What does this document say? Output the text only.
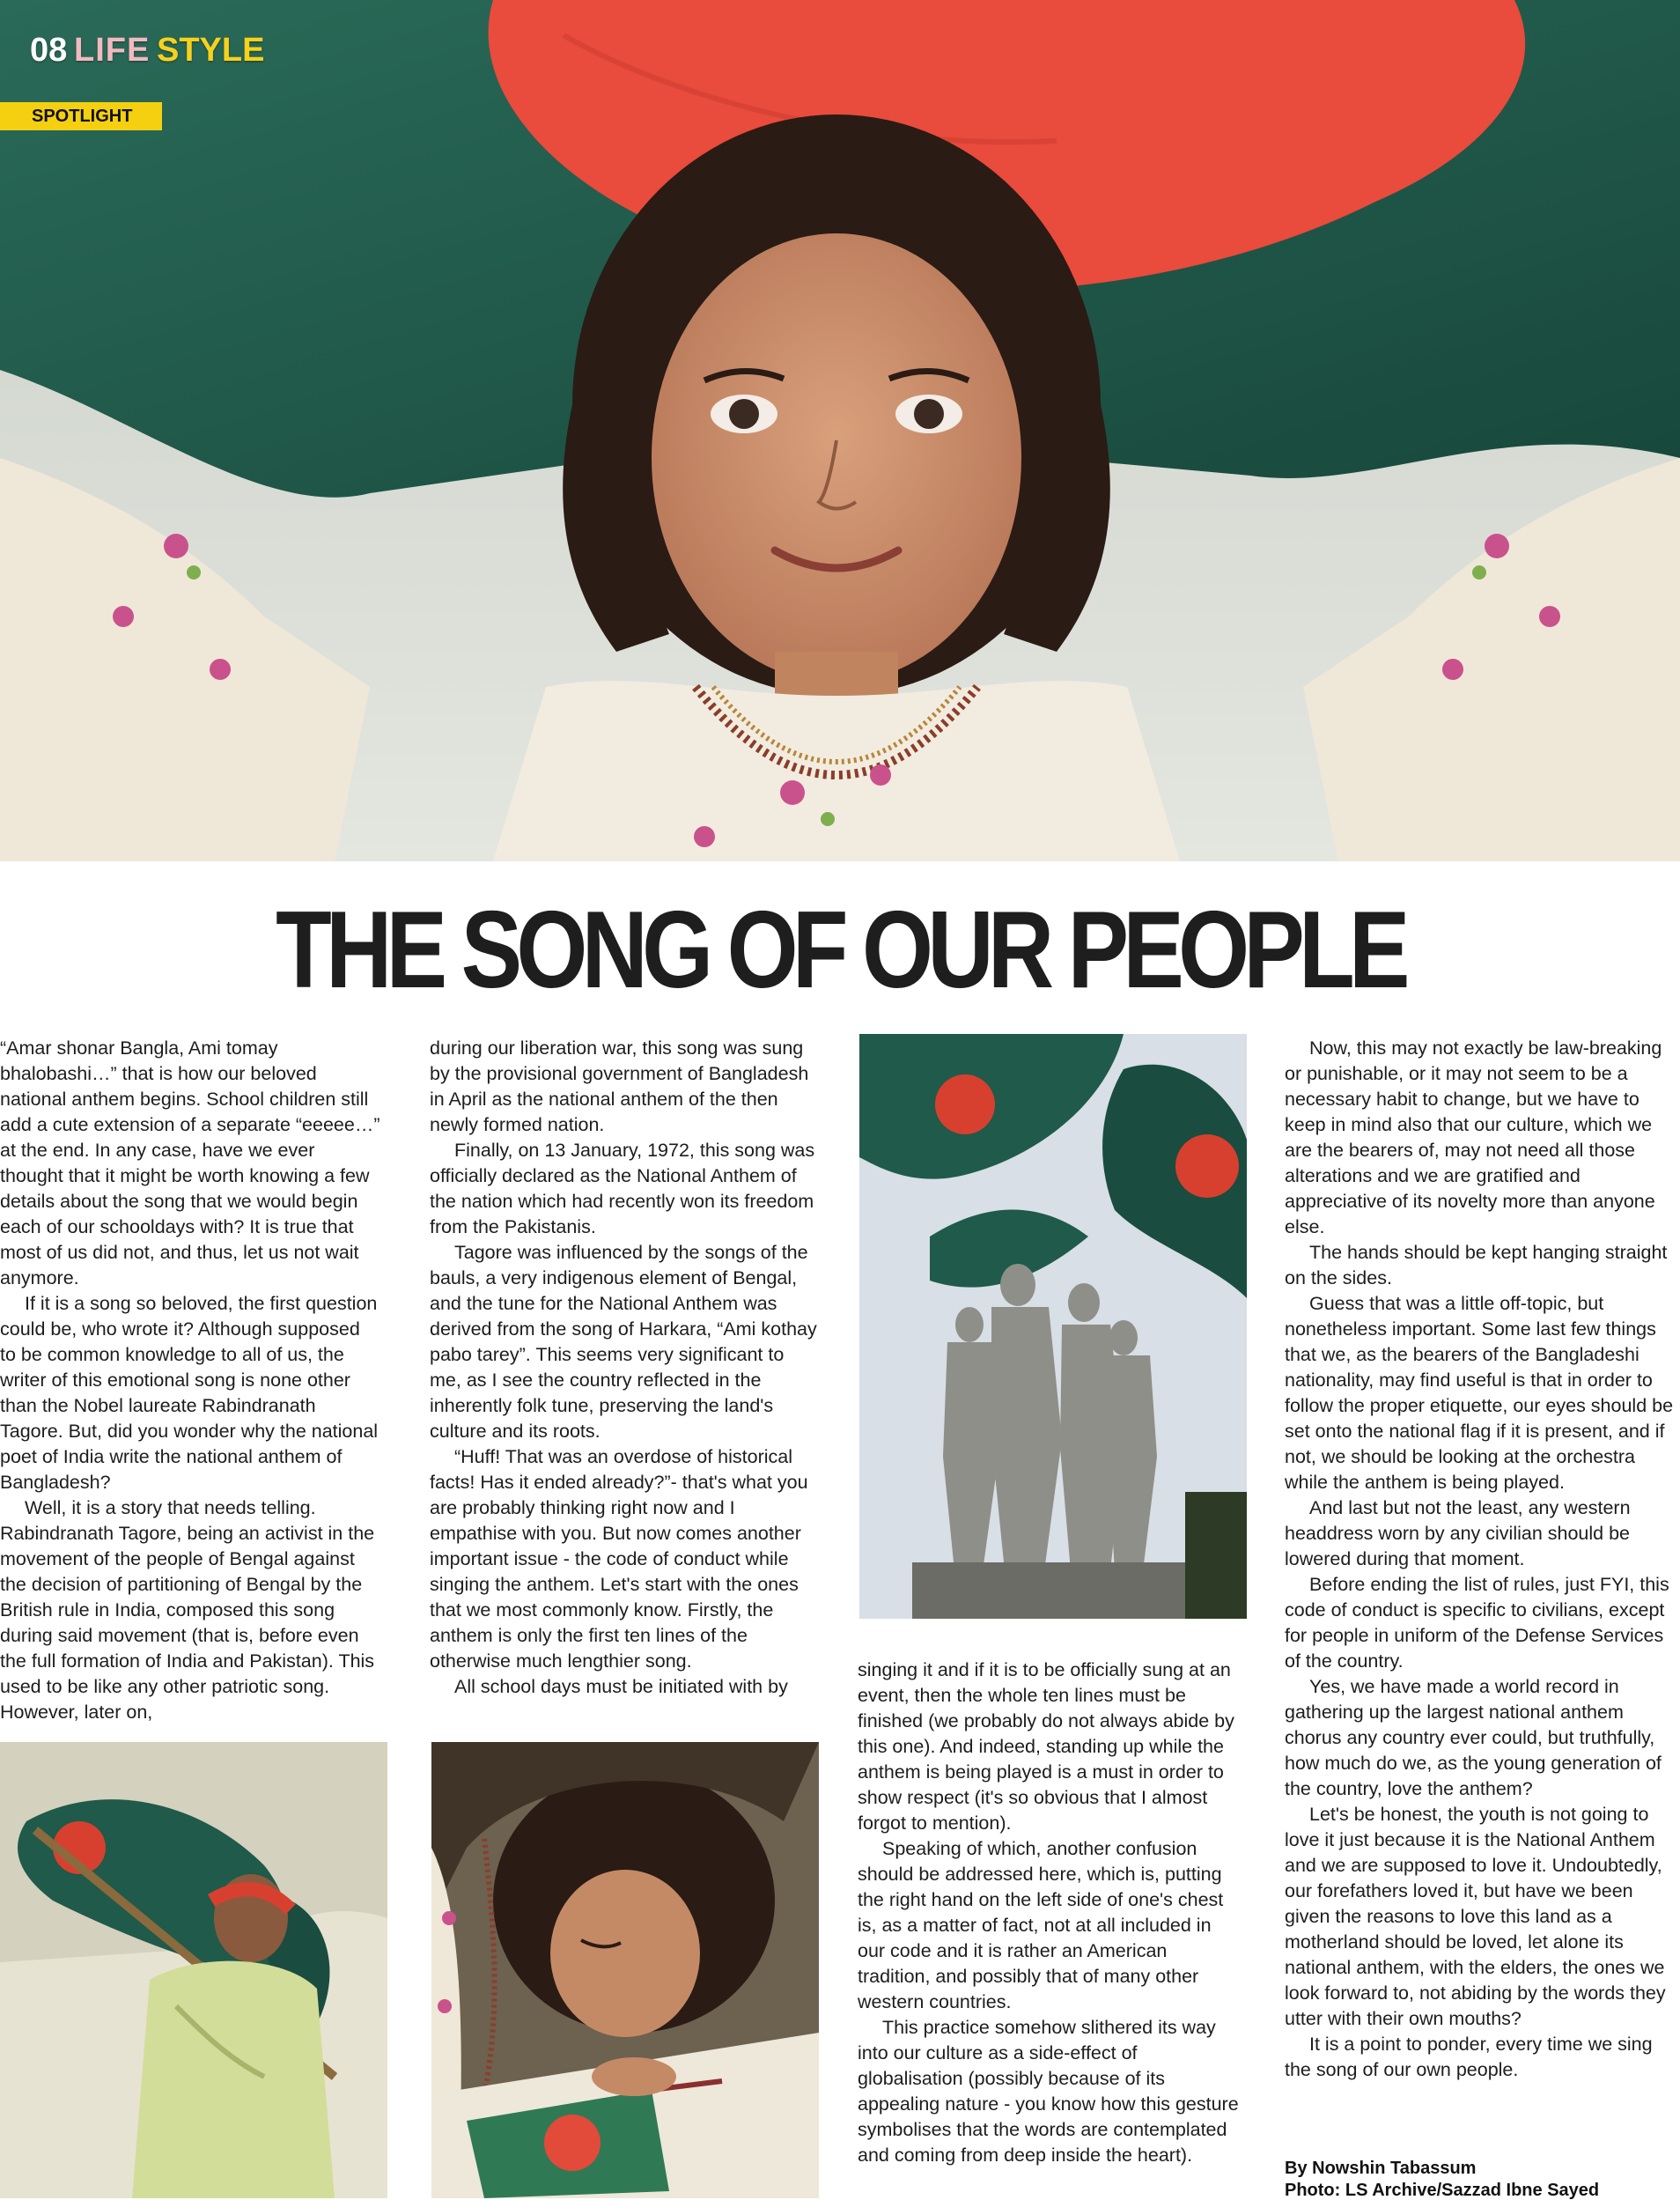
08 LIFE STYLE
SPOTLIGHT
THE SONG OF OUR PEOPLE

“Amar shonar Bangla, Ami tomay bhalobashi…” that is how our beloved national anthem begins. School children still add a cute extension of a separate “eeeee…” at the end. In any case, have we ever thought that it might be worth knowing a few details about the song that we would begin each of our schooldays with? It is true that most of us did not, and thus, let us not wait anymore.

If it is a song so beloved, the first question could be, who wrote it? Although supposed to be common knowledge to all of us, the writer of this emotional song is none other than the Nobel laureate Rabindranath Tagore. But, did you wonder why the national poet of India write the national anthem of Bangladesh?

Well, it is a story that needs telling. Rabindranath Tagore, being an activist in the movement of the people of Bengal against the decision of partitioning of Bengal by the British rule in India, composed this song during said movement (that is, before even the full formation of India and Pakistan). This used to be like any other patriotic song. However, later on,

during our liberation war, this song was sung by the provisional government of Bangladesh in April as the national anthem of the then newly formed nation.

Finally, on 13 January, 1972, this song was officially declared as the National Anthem of the nation which had recently won its freedom from the Pakistanis.

Tagore was influenced by the songs of the bauls, a very indigenous element of Bengal, and the tune for the National Anthem was derived from the song of Harkara, “Ami kothay pabo tarey”. This seems very significant to me, as I see the country reflected in the inherently folk tune, preserving the land's culture and its roots.

“Huff! That was an overdose of historical facts! Has it ended already?”- that's what you are probably thinking right now and I empathise with you. But now comes another important issue - the code of conduct while singing the anthem. Let's start with the ones that we most commonly know. Firstly, the anthem is only the first ten lines of the otherwise much lengthier song.

All school days must be initiated with by

singing it and if it is to be officially sung at an event, then the whole ten lines must be finished (we probably do not always abide by this one). And indeed, standing up while the anthem is being played is a must in order to show respect (it's so obvious that I almost forgot to mention).

Speaking of which, another confusion should be addressed here, which is, putting the right hand on the left side of one's chest is, as a matter of fact, not at all included in our code and it is rather an American tradition, and possibly that of many other western countries.

This practice somehow slithered its way into our culture as a side-effect of globalisation (possibly because of its appealing nature - you know how this gesture symbolises that the words are contemplated and coming from deep inside the heart).

Now, this may not exactly be law-breaking or punishable, or it may not seem to be a necessary habit to change, but we have to keep in mind also that our culture, which we are the bearers of, may not need all those alterations and we are gratified and appreciative of its novelty more than anyone else.

The hands should be kept hanging straight on the sides.

Guess that was a little off-topic, but nonetheless important. Some last few things that we, as the bearers of the Bangladeshi nationality, may find useful is that in order to follow the proper etiquette, our eyes should be set onto the national flag if it is present, and if not, we should be looking at the orchestra while the anthem is being played.

And last but not the least, any western headdress worn by any civilian should be lowered during that moment.

Before ending the list of rules, just FYI, this code of conduct is specific to civilians, except for people in uniform of the Defense Services of the country.

Yes, we have made a world record in gathering up the largest national anthem chorus any country ever could, but truthfully, how much do we, as the young generation of the country, love the anthem?

Let's be honest, the youth is not going to love it just because it is the National Anthem and we are supposed to love it. Undoubtedly, our forefathers loved it, but have we been given the reasons to love this land as a motherland should be loved, let alone its national anthem, with the elders, the ones we look forward to, not abiding by the words they utter with their own mouths?

It is a point to ponder, every time we sing the song of our own people.

By Nowshin Tabassum
Photo: LS Archive/Sazzad Ibne Sayed
